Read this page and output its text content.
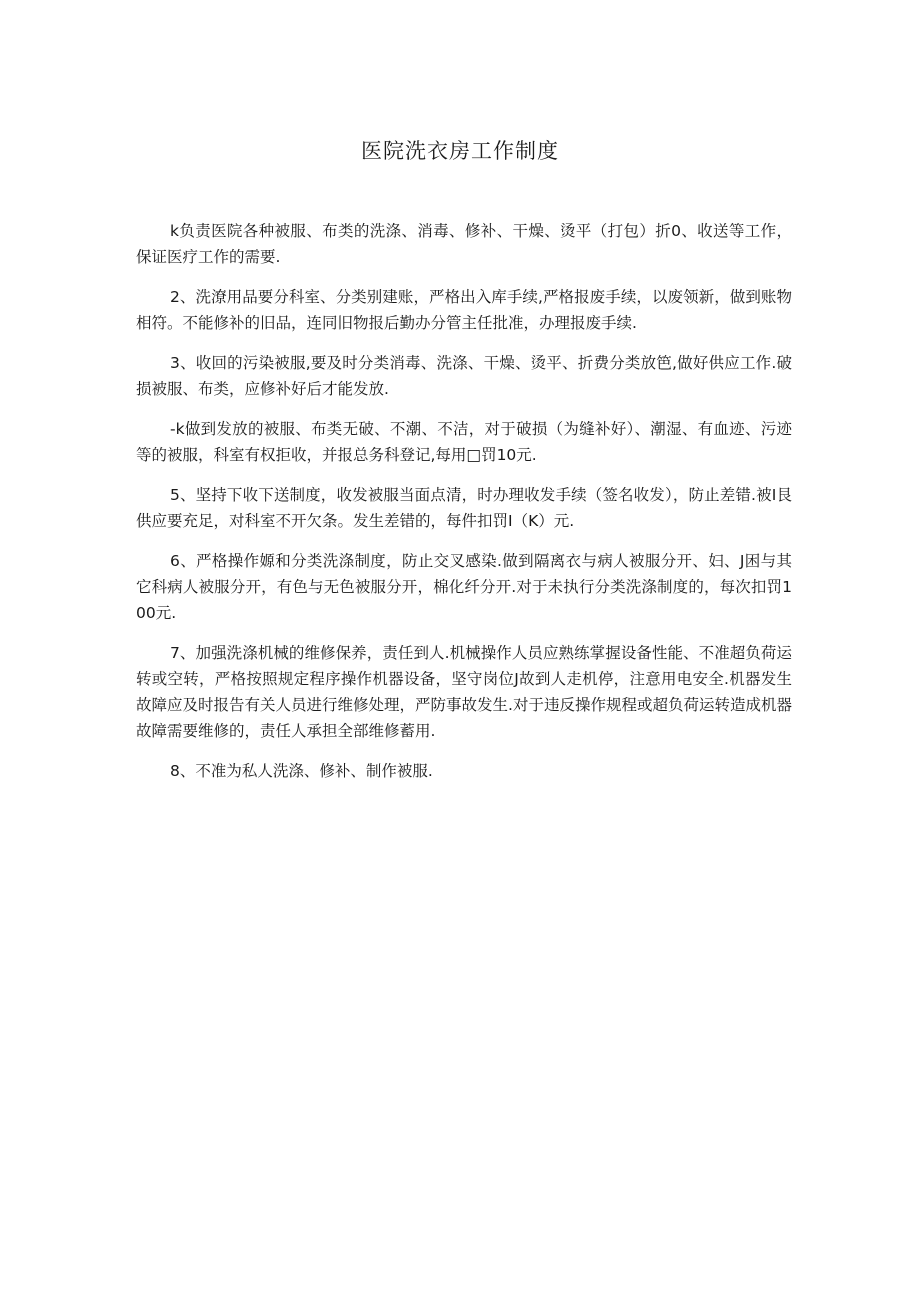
医院洗衣房工作制度

k负责医院各种被服、布类的洗涤、消毒、修补、干燥、烫平（打包）折0、收送等工作，保证医疗工作的需要.

2、洗潦用品要分科室、分类别建账，严格出入库手续,严格报废手续，以废领新，做到账物相符。不能修补的旧品，连同旧物报后勤办分管主任批准，办理报废手续.

3、收回的污染被服,要及时分类消毒、洗涤、干燥、烫平、折费分类放笆,做好供应工作.破损被服、布类，应修补好后才能发放.

-k做到发放的被服、布类无破、不潮、不洁，对于破损（为缝补好）、潮湿、有血迹、污迹等的被服，科室有权拒收，并报总务科登记,每用□罚10元.

5、坚持下收下送制度，收发被服当面点清，时办理收发手续（签名收发），防止差错.被I艮供应要充足，对科室不开欠条。发生差错的，每件扣罚I（K）元.

6、严格操作嫄和分类洗涤制度，防止交叉感染.做到隔离衣与病人被服分开、妇、J困与其它科病人被服分开，有色与无色被服分开，棉化纤分开.对于未执行分类洗涤制度的，每次扣罚100元.

7、加强洗涤机械的维修保养，责任到人.机械操作人员应熟练掌握设备性能、不准超负荷运转或空转，严格按照规定程序操作机器设备，坚守岗位J故到人走机停，注意用电安全.机器发生故障应及时报告有关人员进行维修处理，严防事故发生.对于违反操作规程或超负荷运转造成机器故障需要维修的，责任人承担全部维修蓄用.

8、不准为私人洗涤、修补、制作被服.
